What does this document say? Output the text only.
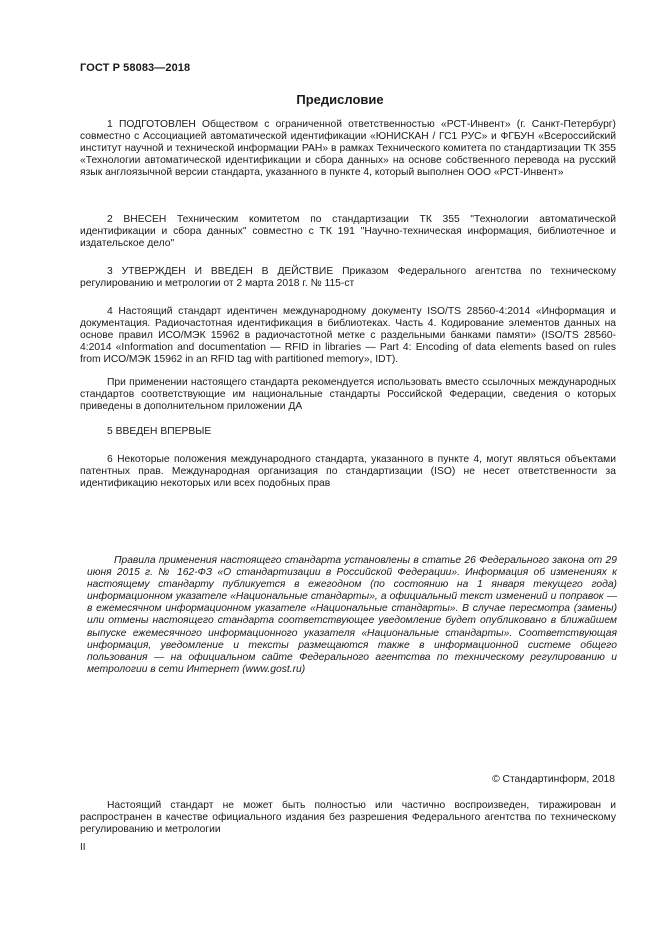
ГОСТ Р 58083—2018
Предисловие

1 ПОДГОТОВЛЕН Обществом с ограниченной ответственностью «РСТ-Инвент» (г. Санкт-Петербург) совместно с Ассоциацией автоматической идентификации «ЮНИСКАН / ГС1 РУС» и ФГБУН «Всероссийский институт научной и технической информации РАН» в рамках Технического комитета по стандартизации ТК 355 «Технологии автоматической идентификации и сбора данных» на основе собственного перевода на русский язык англоязычной версии стандарта, указанного в пункте 4, который выполнен ООО «РСТ-Инвент»

2 ВНЕСЕН Техническим комитетом по стандартизации ТК 355 "Технологии автоматической идентификации и сбора данных" совместно с ТК 191 "Научно-техническая информация, библиотечное и издательское дело"

3 УТВЕРЖДЕН И ВВЕДЕН В ДЕЙСТВИЕ Приказом Федерального агентства по техническому регулированию и метрологии от 2 марта 2018 г. № 115-ст

4 Настоящий стандарт идентичен международному документу ISO/TS 28560-4:2014 «Информация и документация. Радиочастотная идентификация в библиотеках. Часть 4. Кодирование элементов данных на основе правил ИСО/МЭК 15962 в радиочастотной метке с раздельными банками памяти» (ISO/TS 28560-4:2014 «Information and documentation — RFID in libraries — Part 4: Encoding of data elements based on rules from ИСО/МЭК 15962 in an RFID tag with partitioned memory», IDT).

При применении настоящего стандарта рекомендуется использовать вместо ссылочных международных стандартов соответствующие им национальные стандарты Российской Федерации, сведения о которых приведены в дополнительном приложении ДА

5 ВВЕДЕН ВПЕРВЫЕ

6 Некоторые положения международного стандарта, указанного в пункте 4, могут являться объектами патентных прав. Международная организация по стандартизации (ISO) не несет ответственности за идентификацию некоторых или всех подобных прав

Правила применения настоящего стандарта установлены в статье 26 Федерального закона от 29 июня 2015 г. № 162-ФЗ «О стандартизации в Российской Федерации». Информация об изменениях к настоящему стандарту публикуется в ежегодном (по состоянию на 1 января текущего года) информационном указателе «Национальные стандарты», а официальный текст изменений и поправок — в ежемесячном информационном указателе «Национальные стандарты». В случае пересмотра (замены) или отмены настоящего стандарта соответствующее уведомление будет опубликовано в ближайшем выпуске ежемесячного информационного указателя «Национальные стандарты». Соответствующая информация, уведомление и тексты размещаются также в информационной системе общего пользования — на официальном сайте Федерального агентства по техническому регулированию и метрологии в сети Интернет (www.gost.ru)

© Стандартинформ, 2018

Настоящий стандарт не может быть полностью или частично воспроизведен, тиражирован и распространен в качестве официального издания без разрешения Федерального агентства по техническому регулированию и метрологии

II
